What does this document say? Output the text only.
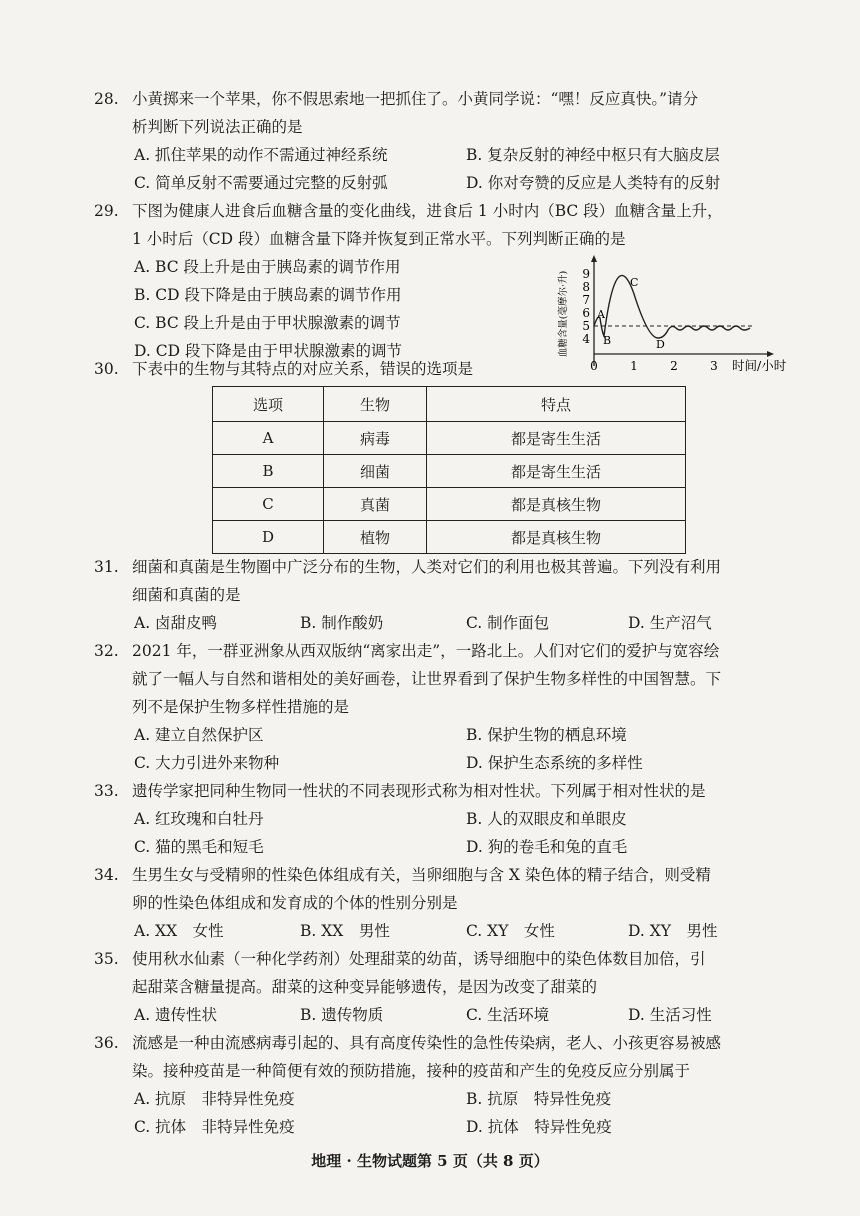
28. 小黄掷来一个苹果，你不假思索地一把抓住了。小黄同学说：“嘿！反应真快。”请分
析判断下列说法正确的是
A. 抓住苹果的动作不需通过神经系统	B. 复杂反射的神经中枢只有大脑皮层
C. 简单反射不需要通过完整的反射弧	D. 你对夸赞的反应是人类特有的反射
29. 下图为健康人进食后血糖含量的变化曲线，进食后 1 小时内（BC 段）血糖含量上升，
1 小时后（CD 段）血糖含量下降并恢复到正常水平。下列判断正确的是
A. BC 段上升是由于胰岛素的调节作用
B. CD 段下降是由于胰岛素的调节作用
C. BC 段上升是由于甲状腺激素的调节
D. CD 段下降是由于甲状腺激素的调节	血糖含量(毫摩尔·升) 4
5
6
7
8
9
0	1	2	3 时间/小时
A
B
C
D
30. 下表中的生物与其特点的对应关系，错误的选项是
选项	生物	特点
A	病毒	都是寄生生活
B	细菌	都是寄生生活
C	真菌	都是真核生物
D	植物	都是真核生物
31. 细菌和真菌是生物圈中广泛分布的生物，人类对它们的利用也极其普遍。下列没有利用
细菌和真菌的是
A. 卤甜皮鸭	B. 制作酸奶	C. 制作面包	D. 生产沼气
32. 2021 年，一群亚洲象从西双版纳“离家出走”，一路北上。人们对它们的爱护与宽容绘
就了一幅人与自然和谐相处的美好画卷，让世界看到了保护生物多样性的中国智慧。下
列不是保护生物多样性措施的是
A. 建立自然保护区	B. 保护生物的栖息环境
C. 大力引进外来物种	D. 保护生态系统的多样性
33. 遗传学家把同种生物同一性状的不同表现形式称为相对性状。下列属于相对性状的是
A. 红玫瑰和白牡丹	B. 人的双眼皮和单眼皮
C. 猫的黑毛和短毛	D. 狗的卷毛和兔的直毛
34. 生男生女与受精卵的性染色体组成有关，当卵细胞与含 X 染色体的精子结合，则受精
卵的性染色体组成和发育成的个体的性别分别是
A. XX　女性	B. XX　男性	C. XY　女性	D. XY　男性
35. 使用秋水仙素（一种化学药剂）处理甜菜的幼苗，诱导细胞中的染色体数目加倍，引
起甜菜含糖量提高。甜菜的这种变异能够遗传，是因为改变了甜菜的
A. 遗传性状	B. 遗传物质	C. 生活环境	D. 生活习性
36. 流感是一种由流感病毒引起的、具有高度传染性的急性传染病，老人、小孩更容易被感
染。接种疫苗是一种简便有效的预防措施，接种的疫苗和产生的免疫反应分别属于
A. 抗原　非特异性免疫	B. 抗原　特异性免疫
C. 抗体　非特异性免疫	D. 抗体　特异性免疫
地理 · 生物试题第 5 页（共 8 页）
